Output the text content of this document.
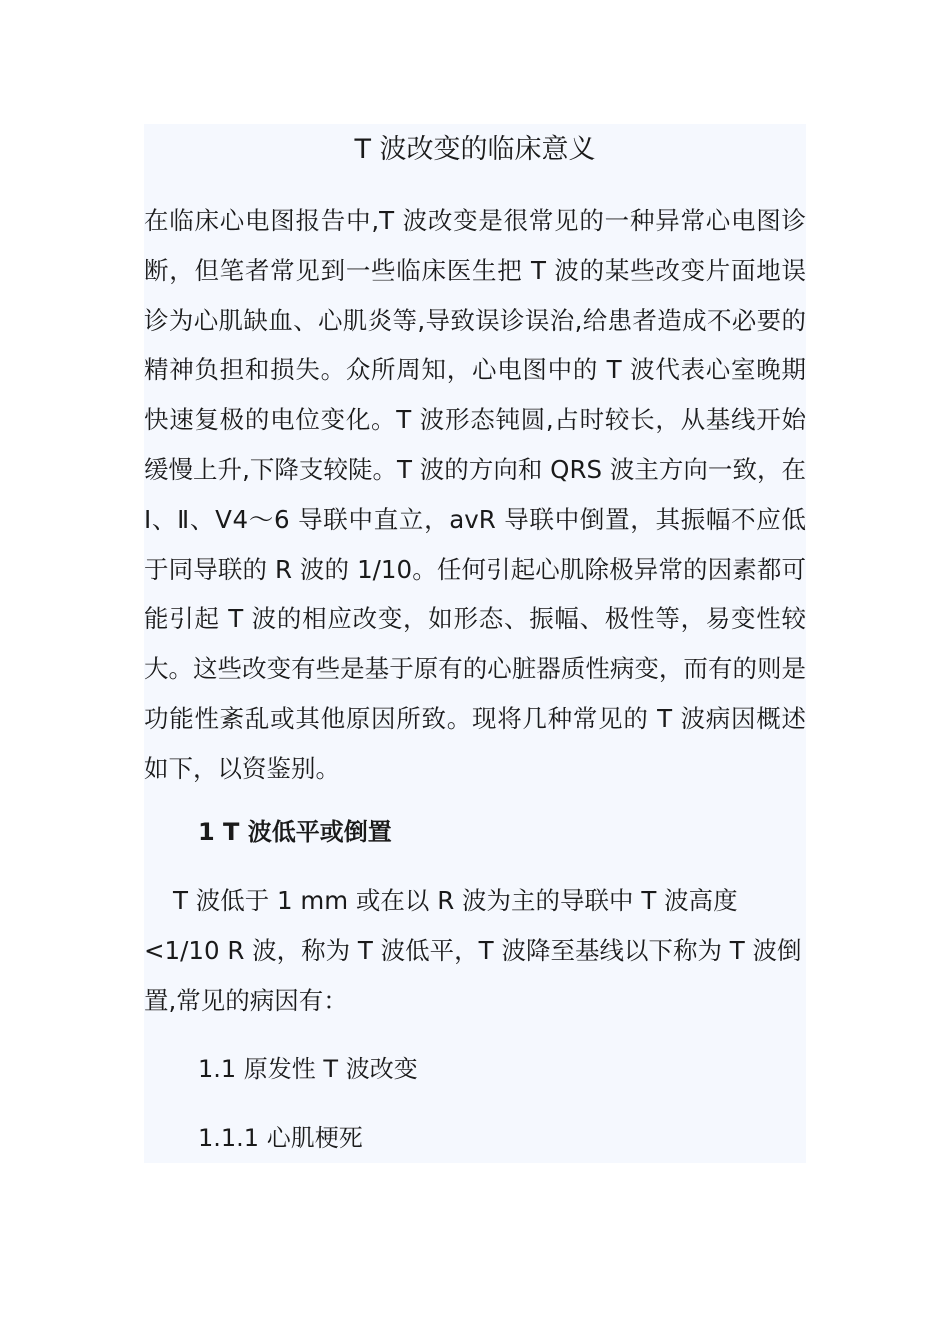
T 波改变的临床意义

在临床心电图报告中,T 波改变是很常见的一种异常心电图诊断，但笔者常见到一些临床医生把 T 波的某些改变片面地误诊为心肌缺血、心肌炎等,导致误诊误治,给患者造成不必要的精神负担和损失。众所周知，心电图中的 T 波代表心室晚期快速复极的电位变化。T 波形态钝圆,占时较长，从基线开始缓慢上升,下降支较陡。T 波的方向和 QRS 波主方向一致，在Ⅰ、Ⅱ、Ⅴ4～6 导联中直立，avR 导联中倒置，其振幅不应低于同导联的 R 波的 1/10。任何引起心肌除极异常的因素都可能引起 T 波的相应改变，如形态、振幅、极性等，易变性较大。这些改变有些是基于原有的心脏器质性病变，而有的则是功能性紊乱或其他原因所致。现将几种常见的 T 波病因概述如下，以资鉴别。

1 T 波低平或倒置

T 波低于 1 mm 或在以 R 波为主的导联中 T 波高度 <1/10 R 波，称为 T 波低平，T 波降至基线以下称为 T 波倒置,常见的病因有：

1.1 原发性 T 波改变
1.1.1 心肌梗死
